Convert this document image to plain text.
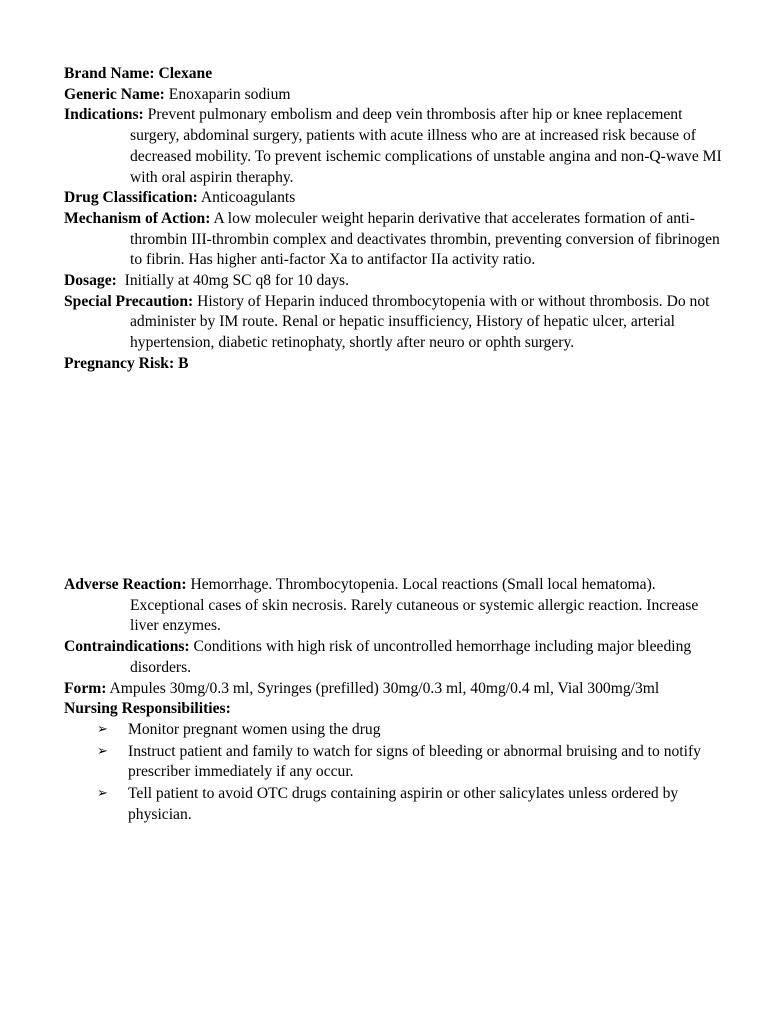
Brand Name: Clexane

Generic Name: Enoxaparin sodium

Indications: Prevent pulmonary embolism and deep vein thrombosis after hip or knee replacement surgery, abdominal surgery, patients with acute illness who are at increased risk because of decreased mobility. To prevent ischemic complications of unstable angina and non-Q-wave MI with oral aspirin theraphy.

Drug Classification: Anticoagulants

Mechanism of Action: A low moleculer weight heparin derivative that accelerates formation of anti-thrombin III-thrombin complex and deactivates thrombin, preventing conversion of fibrinogen to fibrin. Has higher anti-factor Xa to antifactor IIa activity ratio.

Dosage: Initially at 40mg SC q8 for 10 days.

Special Precaution: History of Heparin induced thrombocytopenia with or without thrombosis. Do not administer by IM route. Renal or hepatic insufficiency, History of hepatic ulcer, arterial hypertension, diabetic retinophaty, shortly after neuro or ophth surgery.

Pregnancy Risk: B

Adverse Reaction: Hemorrhage. Thrombocytopenia. Local reactions (Small local hematoma). Exceptional cases of skin necrosis. Rarely cutaneous or systemic allergic reaction. Increase liver enzymes.

Contraindications: Conditions with high risk of uncontrolled hemorrhage including major bleeding disorders.

Form: Ampules 30mg/0.3 ml, Syringes (prefilled) 30mg/0.3 ml, 40mg/0.4 ml, Vial 300mg/3ml

Nursing Responsibilities:

➢ Monitor pregnant women using the drug
➢ Instruct patient and family to watch for signs of bleeding or abnormal bruising and to notify prescriber immediately if any occur.
➢ Tell patient to avoid OTC drugs containing aspirin or other salicylates unless ordered by physician.
